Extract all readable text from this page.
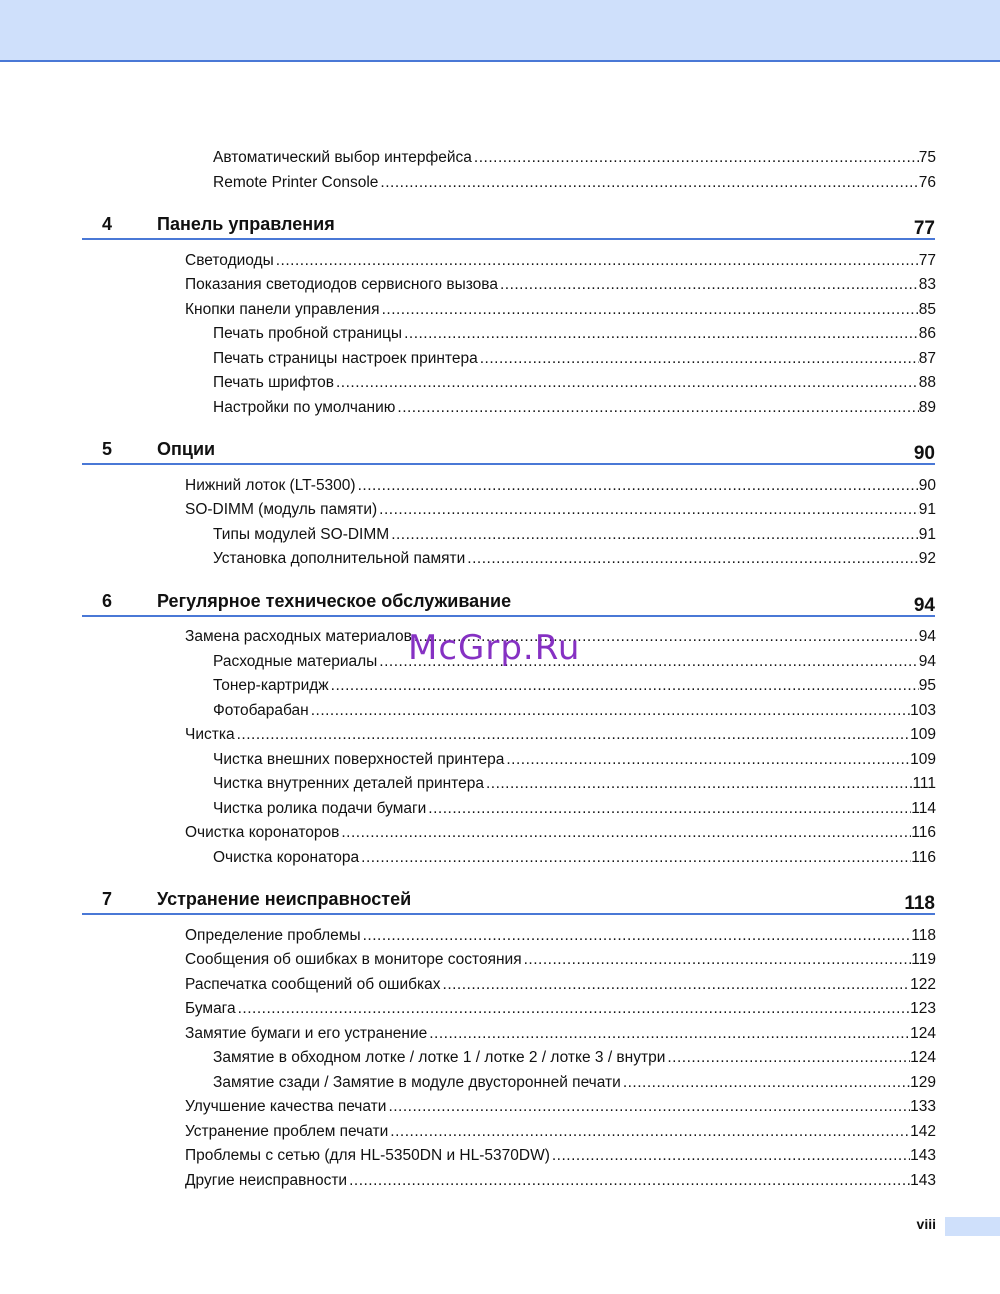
Автоматический выбор интерфейса .....	75
Remote Printer Console .....	76
4 Панель управления	77
Светодиоды .....	77
Показания светодиодов сервисного вызова .....	83
Кнопки панели управления .....	85
Печать пробной страницы .....	86
Печать страницы настроек принтера .....	87
Печать шрифтов .....	88
Настройки по умолчанию .....	89
5 Опции	90
Нижний лоток (LT-5300) .....	90
SO-DIMM (модуль памяти) .....	91
Типы модулей SO-DIMM .....	91
Установка дополнительной памяти .....	92
6 Регулярное техническое обслуживание	94
Замена расходных материалов .....	94
Расходные материалы .....	94
Тонер-картридж .....	95
Фотобарабан .....	103
Чистка .....	109
Чистка внешних поверхностей принтера .....	109
Чистка внутренних деталей принтера .....	111
Чистка ролика подачи бумаги .....	114
Очистка коронаторов .....	116
Очистка коронатора .....	116
7 Устранение неисправностей	118
Определение проблемы .....	118
Сообщения об ошибках в мониторе состояния .....	119
Распечатка сообщений об ошибках .....	122
Бумага .....	123
Замятие бумаги и его устранение .....	124
Замятие в обходном лотке / лотке 1 / лотке 2 / лотке 3 / внутри .....	124
Замятие сзади / Замятие в модуле двусторонней печати .....	129
Улучшение качества печати .....	133
Устранение проблем печати .....	142
Проблемы с сетью (для HL-5350DN и HL-5370DW) .....	143
Другие неисправности .....	143
McGrp.Ru
viii
